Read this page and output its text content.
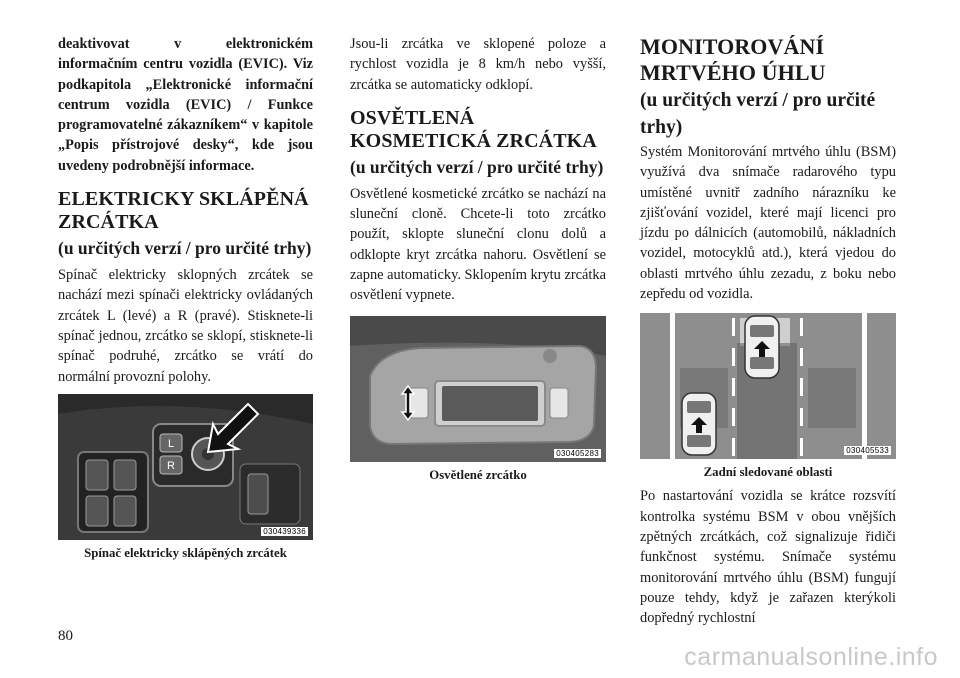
deaktivovat v elektronickém informačním centru vozidla (EVIC). Viz podkapitola „Elektronické informační centrum vozidla (EVIC) / Funkce programovatelné zákazníkem“ v kapitole „Popis přístrojové desky“, kde jsou uvedeny podrobnější informace.

ELEKTRICKY SKLÁPĚNÁ ZRCÁTKA
(u určitých verzí / pro určité trhy)

Spínač elektricky sklopných zrcátek se nachází mezi spínači elektricky ovládaných zrcátek L (levé) a R (pravé). Stisknete-li spínač jednou, zrcátko se sklopí, stisknete-li spínač podruhé, zrcátko se vrátí do normální provozní polohy.

L
R
030439336
Spínač elektricky sklápěných zrcátek

Jsou-li zrcátka ve sklopené poloze a rychlost vozidla je 8 km/h nebo vyšší, zrcátka se automaticky odklopí.

OSVĚTLENÁ KOSMETICKÁ ZRCÁTKA
(u určitých verzí / pro určité trhy)

Osvětlené kosmetické zrcátko se nachází na sluneční cloně. Chcete-li toto zrcátko použít, sklopte sluneční clonu dolů a odklopte kryt zrcátka nahoru. Osvětlení se zapne automaticky. Sklopením krytu zrcátka osvětlení vypnete.

030405283
Osvětlené zrcátko
MONITOROVÁNÍ MRTVÉHO ÚHLU
(u určitých verzí / pro určité trhy)

Systém Monitorování mrtvého úhlu (BSM) využívá dva snímače radarového typu umístěné uvnitř zadního nárazníku ke zjišťování vozidel, které mají licenci pro jízdu po dálnicích (automobilů, nákladních vozidel, motocyklů atd.), která vjedou do oblasti mrtvého úhlu zezadu, z boku nebo zepředu od vozidla.

030405533
Zadní sledované oblasti

Po nastartování vozidla se krátce rozsvítí kontrolka systému BSM v obou vnějších zpětných zrcátkách, což signalizuje řidiči funkčnost systému. Snímače systému monitorování mrtvého úhlu (BSM) fungují pouze tehdy, když je zařazen kterýkoli dopředný rychlostní

80
carmanualsonline.info
